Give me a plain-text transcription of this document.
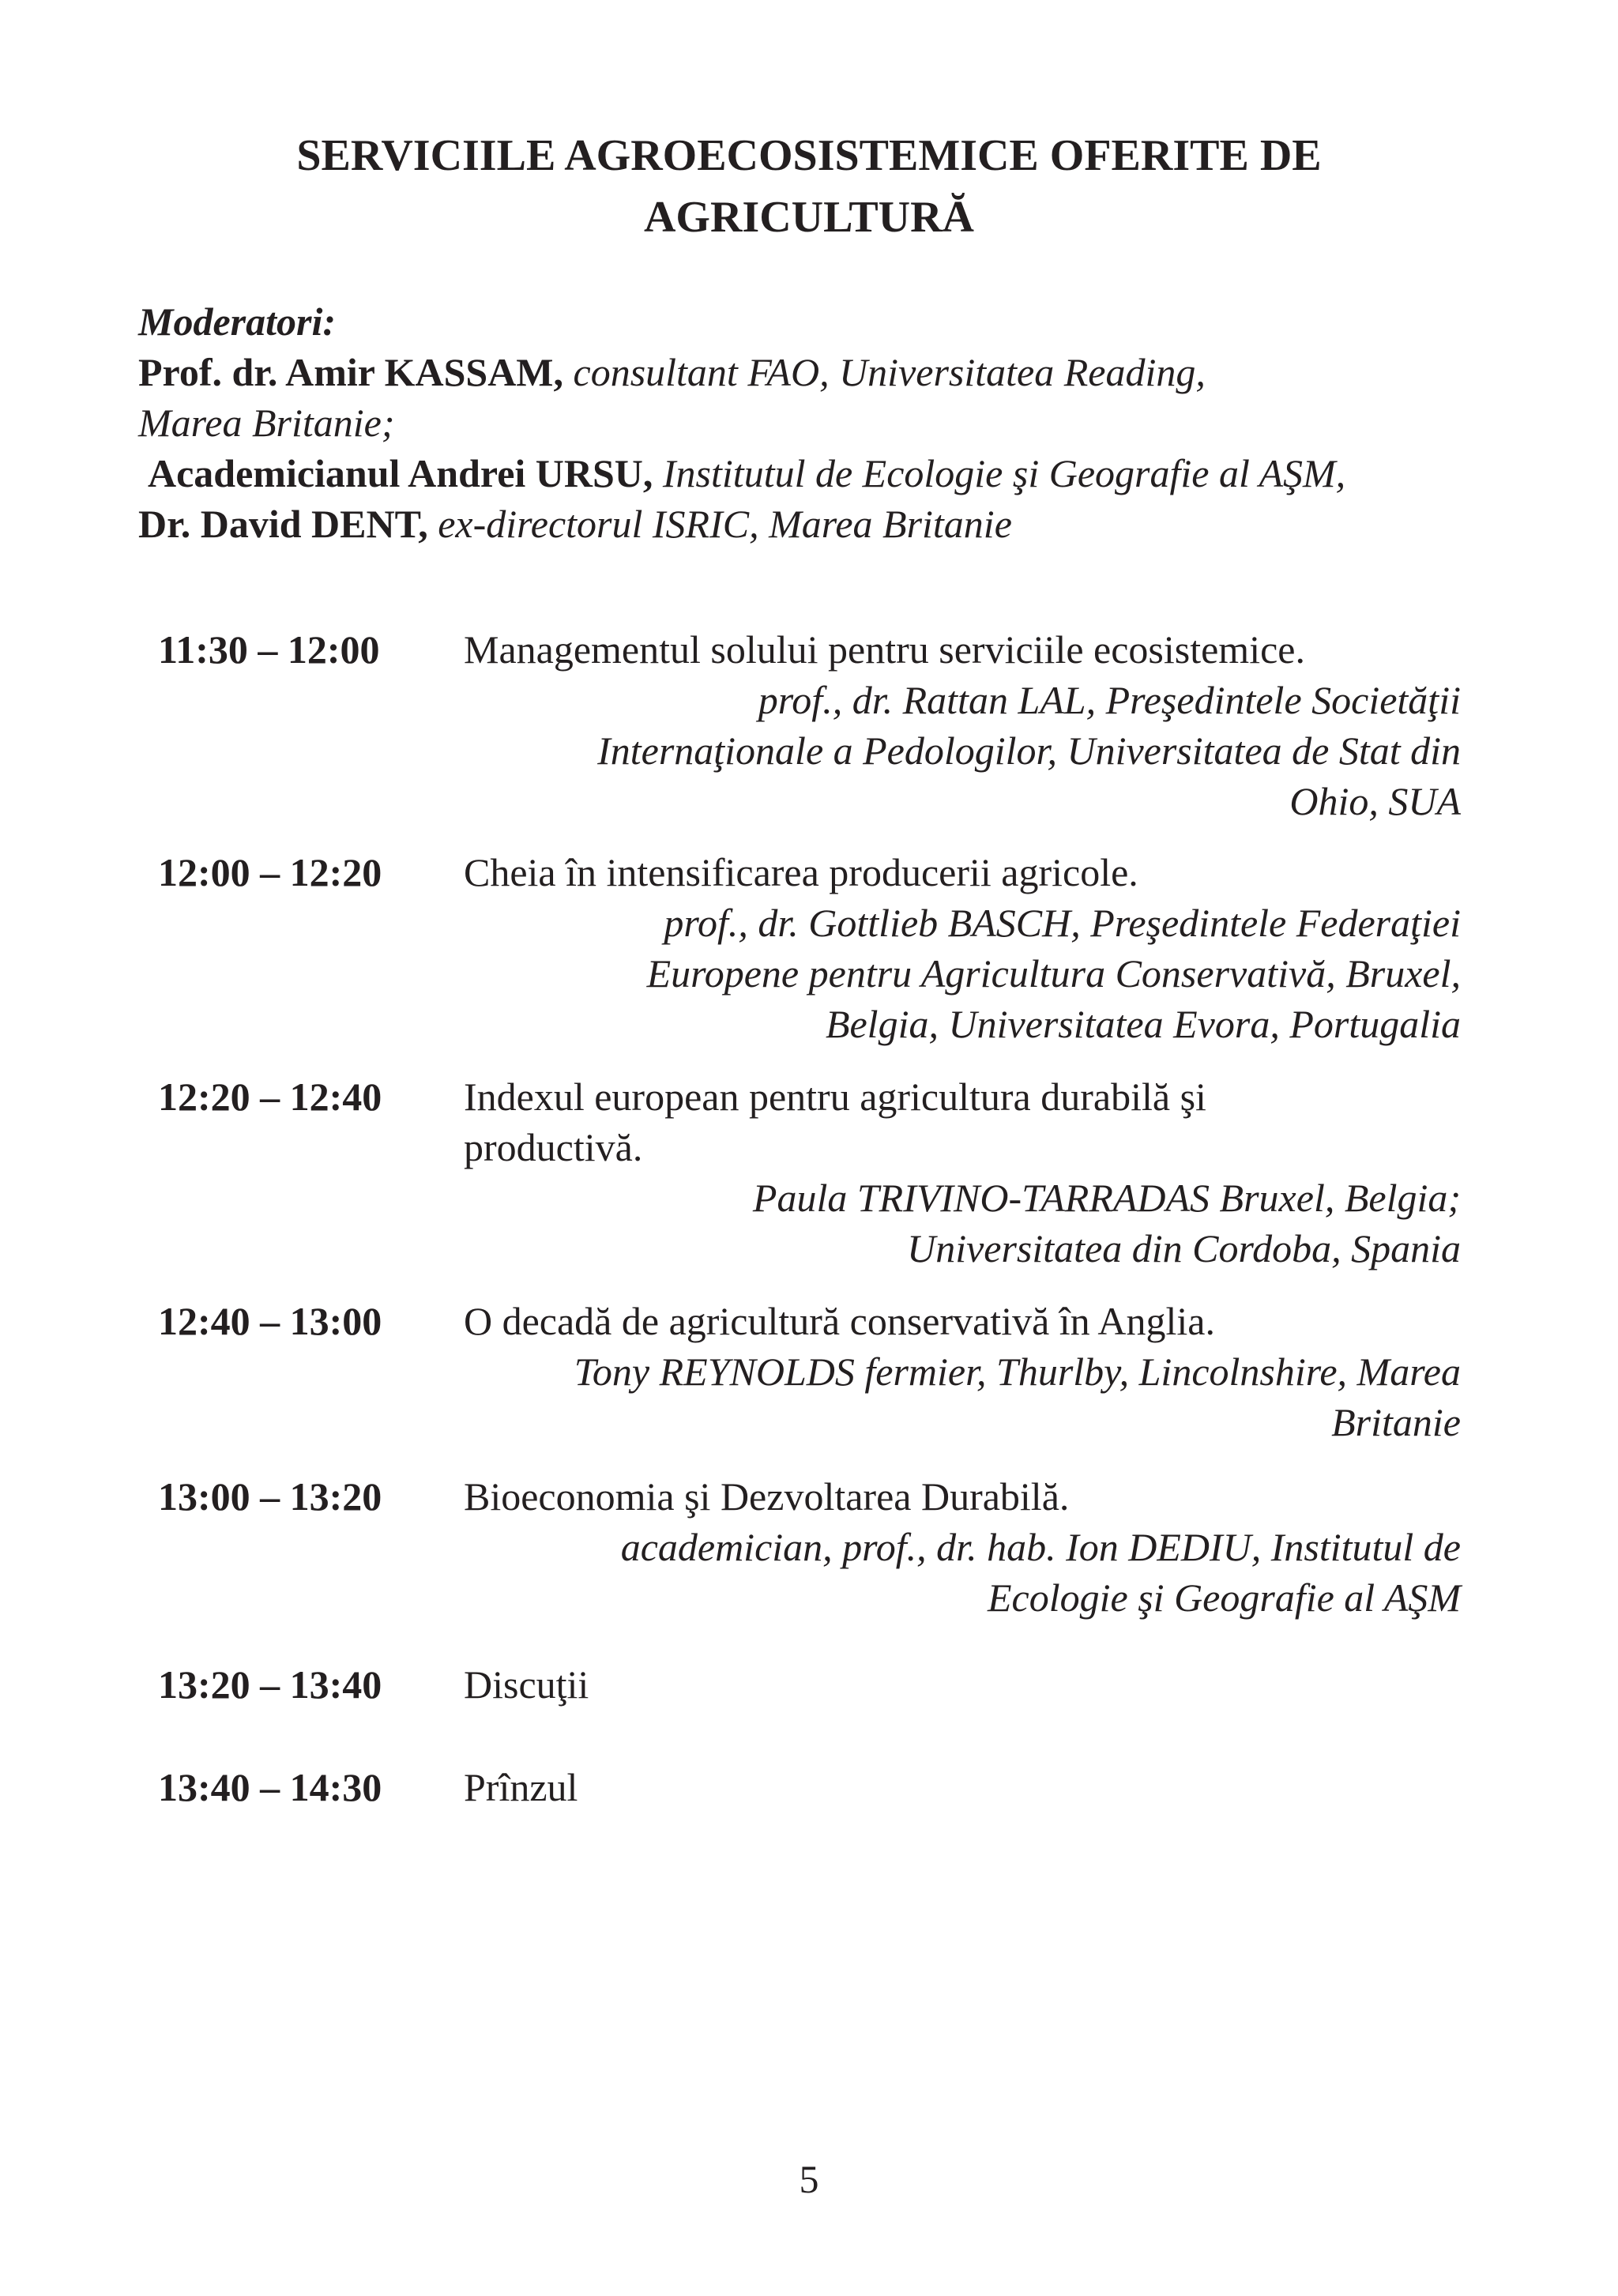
SERVICIILE AGROECOSISTEMICE OFERITE DE
AGRICULTURĂ
Moderatori:
Prof. dr. Amir KASSAM, consultant FAO, Universitatea Reading,
Marea Britanie;
Academicianul Andrei URSU, Institutul de Ecologie şi Geografie al AŞM,
Dr. David DENT, ex-directorul ISRIC, Marea Britanie
11:30 – 12:00	Managementul solului pentru serviciile ecosistemice.
prof., dr. Rattan LAL, Preşedintele Societăţii
Internaţionale a Pedologilor, Universitatea de Stat din
Ohio, SUA
12:00 – 12:20	Cheia în intensificarea producerii agricole.
prof., dr. Gottlieb BASCH, Preşedintele Federaţiei
Europene pentru Agricultura Conservativă, Bruxel,
Belgia, Universitatea Evora, Portugalia
12:20 – 12:40	Indexul european pentru agricultura durabilă şi
productivă.
Paula TRIVINO-TARRADAS Bruxel, Belgia;
Universitatea din Cordoba, Spania
12:40 – 13:00	O decadă de agricultură conservativă în Anglia.
Tony REYNOLDS fermier, Thurlby, Lincolnshire, Marea
Britanie
13:00 – 13:20	Bioeconomia şi Dezvoltarea Durabilă.
academician, prof., dr. hab. Ion DEDIU, Institutul de
Ecologie şi Geografie al AŞM
13:20 – 13:40	Discuţii
13:40 – 14:30	Prînzul
5
